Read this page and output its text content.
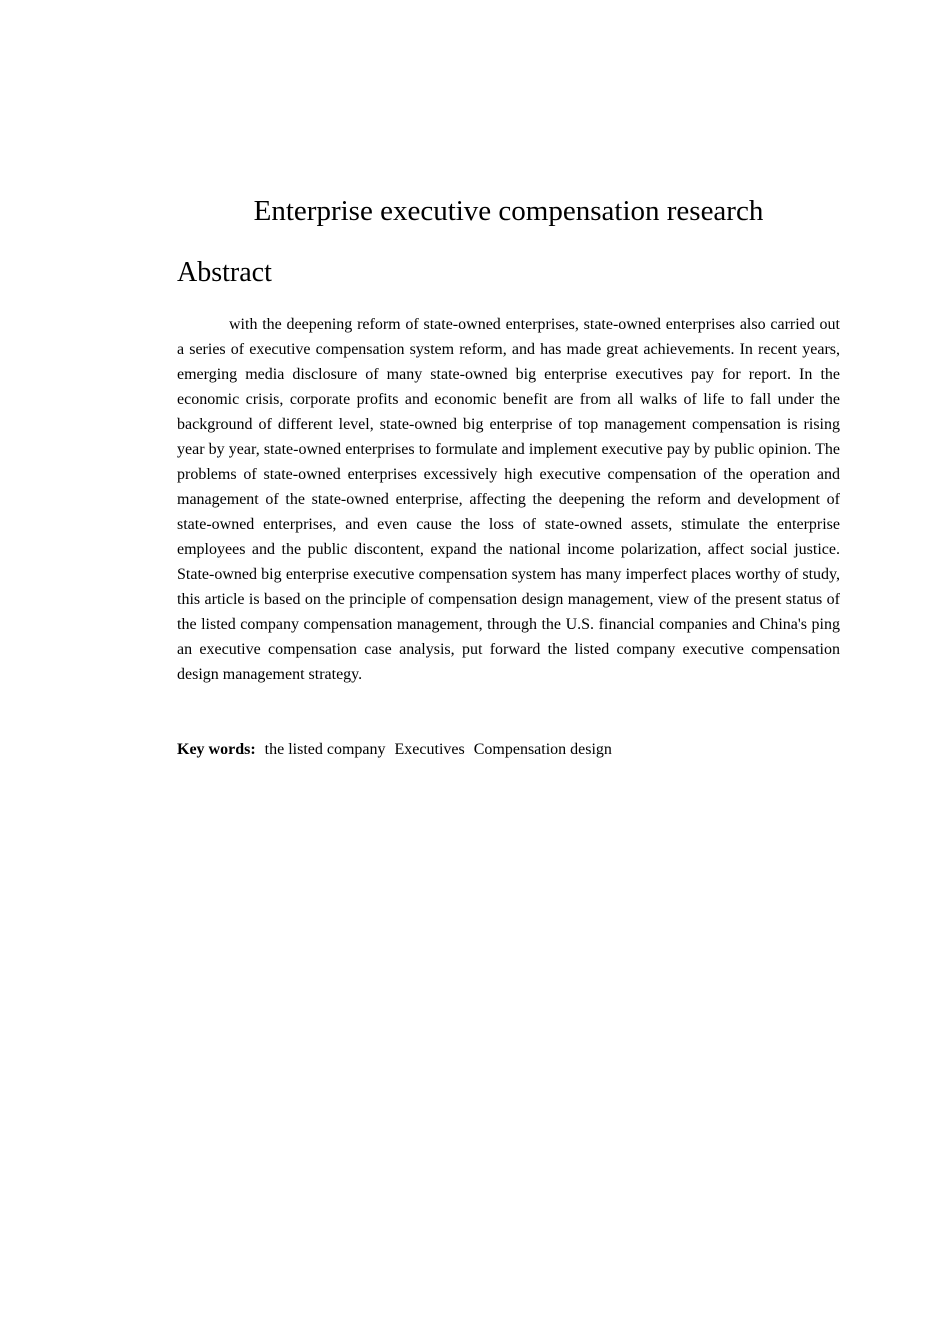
Enterprise executive compensation research
Abstract

with the deepening reform of state-owned enterprises, state-owned enterprises also carried out a series of executive compensation system reform, and has made great achievements. In recent years, emerging media disclosure of many state-owned big enterprise executives pay for report. In the economic crisis, corporate profits and economic benefit are from all walks of life to fall under the background of different level, state-owned big enterprise of top management compensation is rising year by year, state-owned enterprises to formulate and implement executive pay by public opinion. The problems of state-owned enterprises excessively high executive compensation of the operation and management of the state-owned enterprise, affecting the deepening the reform and development of state-owned enterprises, and even cause the loss of state-owned assets, stimulate the enterprise employees and the public discontent, expand the national income polarization, affect social justice. State-owned big enterprise executive compensation system has many imperfect places worthy of study, this article is based on the principle of compensation design management, view of the present status of the listed company compensation management, through the U.S. financial companies and China's ping an executive compensation case analysis, put forward the listed company executive compensation design management strategy.

Key words: the listed company Executives Compensation design
